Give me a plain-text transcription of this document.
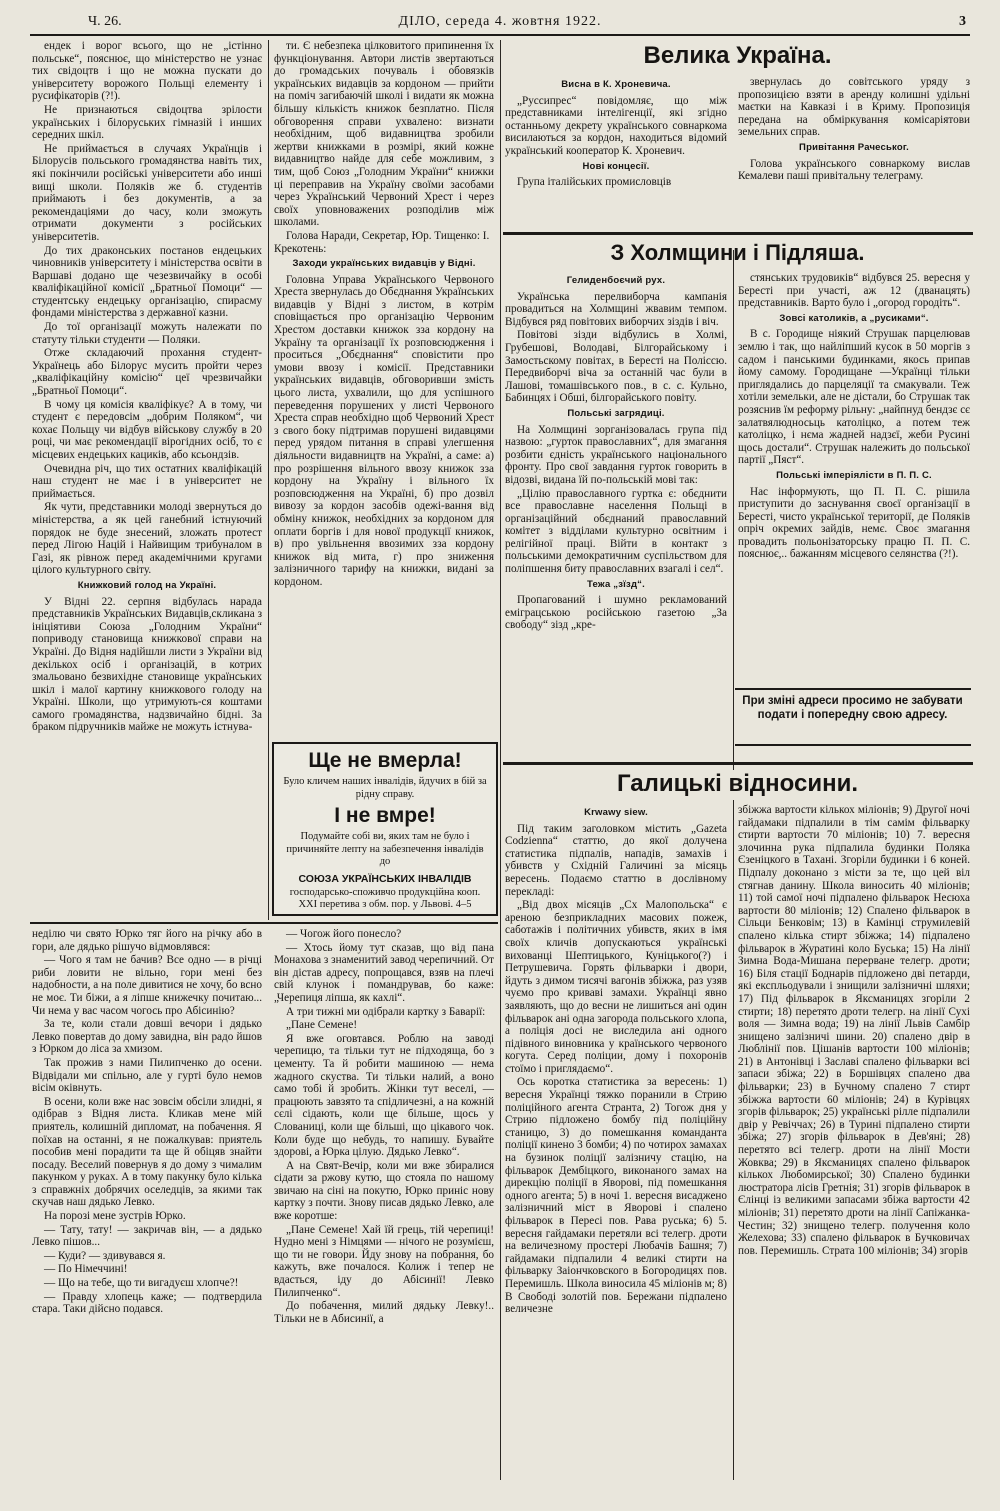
Ч. 26.	ДІЛО, середа 4. жовтня 1922.	3

ендек і ворог всього, що не „істінно польське“, пояснює, що міністерство не узнає тих свідоцтв і що не можна пускати до університету ворожого Польщі елементу і русифікаторів (?!).

Не признаються свідоцтва зрілости українських і білоруських гімназій і инших середних шкіл.

Не приймається в случаях Українців і Білорусів польського громадянства навіть тих, які покінчили російські університети або инші вищі школи. Поляків же б. студентів приймають і без документів, а за рекомендаціями до часу, коли зможуть отримати документи з російських університетів.

До тих драконських постанов ендецьких чиновників університету і міністерства освіти в Варшаві додано ще чезезвичайку в особі кваліфікаційної комісії „Братньої Помоци“ — студентську ендецьку організацію, спирасму фондами міністерства з державної казни.

До тої організації можуть належати по статуту тільки студенти — Поляки.

Отже складаючий прохання студент-Українець або Білорус мусить пройти через „кваліфікаційну комісію“ цеї чрезвичайки „Братньої Помоци“.

В чому ця комісія кваліфікує? А в тому, чи студент є передовсім „добрим Поляком“, чи кохає Польщу чи відбув військову службу в 20 році, чи має рекомендації вірогідних осіб, то є місцевих ендецьких кациків, або ксьондзів.

Очевидна річ, що тих остатних кваліфікацій наш студент не має і в університет не приймається.

Як чути, представники молоді звернуться до міністерства, а як цей ганебний істнуючий порядок не буде знесений, зложать протест перед Лігою Націй і Найвищим трибуналом в Газі, як рівнож перед академічними кругами цілого культурного світу.

Книжковий голод на Україні.

У Відні 22. серпня відбулась нарада представників Українських Видавців,скликана з ініціятиви Союза „Голодним України“ поприводу становища книжкової справи на Україні. До Відня надійшли листи з України від декількох осіб і організацій, в котрих змальовано безвихідне становище українських шкіл і малої картину книжкового голоду на Україні. Школи, що утримують-ся коштами самого громадянства, надзвичайно бідні. За браком підручників майже не можуть істнува-

ти. Є небезпека цілковитого припинення їх функціонування. Автори листів звертаються до громадських почуваль і обовязків українських видавців за кордоном — прийти на поміч загибаючій школі і видати як можна більшу кількість книжок безплатно. Після обговорення справи ухвалено: визнати необхідним, щоб видавництва зробили жертви книжками в розмірі, який кожне видавництво найде для себе можливим, з тим, щоб Союз „Голодним України“ книжки ці переправив на Україну своїми засобами через Український Червоний Хрест і через своїх уповноважених розподілив між школами.

Голова Наради, Секретар, Юр. Тищенко: І. Крекотень:

Заходи українських видавців у Відні.

Головна Управа Українського Червоного Хреста звернулась до Обєднання Українських видавців у Відні з листом, в котрім сповіщається про організацію Червоним Хрестом доставки книжок зза кордону на Україну та організації їх розповсюдження і проситься „Обєднання“ сповістити про умови ввозу і комісії. Представники українських видавців, обговоривши змість цього листа, ухвалили, що для успішного переведення порушених у листі Червоного Хреста справ необхідно щоб Червоний Хрест з свого боку підтримав порушені видавцями перед урядом питання в справі улегшення діяльности видавництв на Україні, а саме: а) про розрішення вільного ввозу книжок зза кордону на Україну і вільного їх розповсюдження на Україні, б) про дозвіл вивозу за кордон засобів одежі-вання від обміну книжок, необхідних за кордоном для оплати боргів і для нової продукції книжок, в) про увільнення ввозимих зза кордону книжок від мита, г) про зниження залізничного тарифу на книжки, видані за кордоном.

Ще не вмерла!
Було кличем наших інвалідів, йдучих в бій за рідну справу.
І не вмре!
Подумайте собі ви, яких там не було і причиняйте лепту на забезпечення інвалідів до
СОЮЗА УКРАЇНСЬКИХ ІНВАЛІДІВ
господарсько-споживчо продукційна кооп. XXI перетива з обм. пор. у Львові. 4–5
Велика Україна.
Висна в К. Хроневича.

„Руссипрес“ повідомляє, що між представниками інтелігенції, які згідно останньому декрету українського совнаркома висилаються за кордон, находиться відомий український кооператор К. Хроневич.

Нові концесії.

Група італійських промисловців

звернулась до совітського уряду з пропозицією взяти в аренду колишні удільні маєтки на Кавказі і в Криму. Пропозиція передана на обміркування комісаріятови земельних справ.

Привітання Рачеськог.

Голова українського совнаркому вислав Кемалеви паші привітальну телеграму.

З Холмщини і Підляша.
Гелиденбоєчий рух.

Українська перелвиборча кампанія провадиться на Холмщині жвавим темпом. Відбувся ряд повітових виборчих зіздів і віч.

Повітові зізди відбулись в Холмі, Грубешові, Володаві, Білгорайському і Замостьскому повітах, в Бересті на Поліссю. Передвиборчі віча за останній час були в Лашові, томашівського пов., в с. с. Кульно, Бабинцях і Обші, білгорайського повіту.

Польські загрядиці.

На Холмщині зорганізовалась група під назвою: „гурток православних“, для змагання розбити єдність українського національного фронту. Про свої завдання гурток говорить в відозві, видана їй по-польській мові так:

„Цілію православного гуртка є: обєднити все православне населення Польщі в організаційний обєднаний православний комітет з відділами культурно освітним і релігійної праці. Війти в контакт з польськими демократичним суспільством для поліпшення биту православних взагалі і сел“.

Тежа „зїзд“.

Пропагований і шумно рекламований еміграцською російською газетою „За свободу“ зізд „кре-

стянських трудовиків“ відбувся 25. вересня у Бересті при участі, аж 12 (дванацять) представників. Варто було і „огород городіть“.

Зовсі католиків, а „русиками“.

В с. Городище ніякий Струшак парцелював землю і так, що найліпший кусок в 50 моргів з садом і панськими будинками, якось припав йому самому. Городищане —Українці тільки приглядались до парцеляції та смакували. Теж хотіли земельки, але не дістали, бо Струшак так розяснив їм реформу рільну: „найпнуд бендзє сє залатвялюдносьць католіцко, а потем теж католіцко, і нєма жадней надзєї, жеби Русині щось достали“. Струшак належить до польської партії „Пяст“.

Польські імперіялісти в П. П. С.

Нас інформують, що П. П. С. рішила приступити до заснування своєї організації в Бересті, чисто української території, де Поляків опріч окремих зайдів, немє. Своє змагання провадить польонізаторську працю П. П. С. пояснює,.. бажанням місцевого селянства (?!).

При зміні адреси просимо не забувати подати і попередну свою адресу.
Галицькі відносини.
Krwawy siew.

Під таким заголовком містить „Gazeta Codzienna“ статтю, до якої долучена статистика підпалів, нападів, замахів і убивств у Східній Галичині за місяць вересень. Подаємо статтю в дослівному перекладі:

„Від двох місяців „Сх Малопольска“ є ареною безприкладних масових пожеж, саботажів і політичних убивств, яких в імя своїх кличів допускаються українські вихованці Шептицького, Куніцького(?) і Петрушевича. Горять фільварки і двори, йдуть з димом тисячі вагонів збіжжа, раз узяв чуємо про криваві замахи. Українці явно заявляють, що до весни не лишиться ані один фільварок ані одна загорода польського хлопа, а поліція досі не виследила ані одного підівного виновника у країнського червоного когута. Серед поліции, дому і похоронів стоїмо і приглядаємо“.

Ось коротка статистика за вересень: 1) вересня Українці тяжко поранили в Стрию поліційного агента Странта, 2) Тогож дня у Стрию підложено бомбу під поліційну станицю, 3) до помешкання команданта поліції кинено 3 бомби; 4) по чотирох замахах на бузинок поліції залізничу стацію, на фільварок Дембіцкого, виконаного замах на дирекцію поліції в Яворові, під помешкання одного агента; 5) в ночі 1. вересня висаджено залізничний міст в Яворові і спалено фільварок в Пересі пов. Рава руська; 6) 5. вересня гайдамаки перетяли всі телегр. дроти на величезному простері Любачів Башня; 7) гайдамаки підпалили 4 великі стирти на фільварку Заіончковского в Богородицях пов. Перемишль. Школа виносила 45 міліонів м; 8) В Свободі золотій пов. Бережани підпалено величезне

збіжжа вартости кількох міліонів; 9) Другої ночі гайдамаки підпалили в тім самім фільварку стирти вартости 70 міліонів; 10) 7. вересня злочинна рука підпалила будинки Поляка Єзеніцкого в Тахані. Згоріли будинки і 6 коней. Підпалу доконано з місти за те, що цей віл стягнав данину. Школа виносить 40 міліонів; 11) той самої ночі підпалено фільварок Несюха вартости 80 міліонів; 12) Спалено фільварок в Сільци Бенковім; 13) в Камінці струмилевій спалено кілька стирт збіжжа; 14) підпалено фільварок в Журатині коло Буська; 15) На лінії Зимна Вода-Мишана перерване телегр. дроти; 16) Біля стації Боднарів підложено дві петарди, які експльодували і знищили залізничні шляхи; 17) Під фільварок в Яксманицях згоріли 2 стирти; 18) перетято дроти телегр. на лінії Сухі воля — Зимна вода; 19) на лінії Львів Самбір знищено залізничі шини. 20) спалено двір в Люблінії пов. Цішанів вартости 100 міліонів; 21) в Антонівці і Заславі спалено фільварки всі запаси збіжа; 22) в Боршівцях спалено два фільварки; 23) в Бучному спалено 7 стирт збіжжа вартости 60 міліонів; 24) в Курівцях згорів фільварок; 25) українські рілле підпалили двір у Ревіччах; 26) в Турині підпалено стирти збіжа; 27) згорів фільварок в Дев'яні; 28) перетято всі телегр. дроти на лінії Мости Жовква; 29) в Яксманицях спалено фільварок кількох Любомирської; 30) Спалено будинки люстратора лісів Гретнія; 31) згорів фільварок в Єлінці із великими запасами збіжа вартости 42 міліонів; 31) перетято дроти на лінії Сапіжанка-Честин; 32) знищено телегр. получення коло Желехова; 33) спалено фільварок в Бучковичах пов. Перемишль. Страта 100 міліонів; 34) згорів

неділю чи свято Юрко тяг його на річку або в гори, але дядько рішучо відмовлявся:

— Чого я там не бачив? Все одно — в річці риби ловити не вільно, гори мені без надобности, а на поле дивитися не хочу, бо всно не моє. Ти біжи, а я ліпше книжечку почитаю... Чи нема у вас часом чогось про Абісинію?

За те, коли стали довші вечори і дядько Левко повертав до дому завидна, він радо йшов з Юрком до ліса за хмизом.

Так прожив з нами Пилипченко до осени. Відвідали ми спільно, але у гурті було немов вісім оківнуть.

В осени, коли вже нас зовсім обсіли злидні, я одібрав з Відня листа. Кликав мене мій приятель, колишній дипломат, на побачення. Я поїхав на останні, я не пожалкував: приятель пособив мені порадити та ще й обіцяв знайти посаду. Веселий повернув я до дому з чималим пакунком у руках. А в тому пакунку було кілька з справжніх добрячих оселедців, за якими так скучав наш дядько Левко.

На порозі мене зустрів Юрко.

— Тату, тату! — закричав він, — а дядько Левко пішов...

— Куди? — здивувався я.

— По Німеччині!

— Що на тебе, що ти вигадуєш хлопче?!

— Правду хлопець каже; — подтвердила стара. Таки дійсно подався.

— Чогож його понесло?

— Хтось йому тут сказав, що від пана Монахова з знаменитий завод черепичний. От він дістав адресу, попрощався, взяв на плечі свій клунок і помандрував, бо каже: „Черепиця ліпша, як кахлі“.

А три тижні ми одібрали картку з Баварії:

„Пане Семене!

Я вже оговтався. Роблю на заводі черепицю, та тільки тут не підходяща, бо з цементу. Та й робити машиною — нема жадного скуства. Ти тільки налий, а воно само тобі й зробить. Жінки тут веселі, — працюють завзято та спідличезні, а на кожній сєлі сідають, коли ще більше, щось у Слованиці, коли ще більші, що цікавого чок. Коли буде що небудь, то напишу. Бувайте здорові, а Юрка цілую. Дядько Левко“.

А на Свят-Вечір, коли ми вже збиралися сідати за ржову кутю, що стояла по нашому звичаю на сіні на покутю, Юрко приніс нову картку з почти. Знову писав дядько Левко, але вже коротше:

„Пане Семене! Хай їй грець, тій черепиці! Нудно мені з Німцями — нічого не розумієш, що ти не говори. Йду знову на побрання, бо кажуть, вже почалося. Колиж і тепер не вдасться, іду до Абісинії! Левко Пилипченко“.

До побачення, милий дядьку Левку!.. Тільки не в Абисинії, а
